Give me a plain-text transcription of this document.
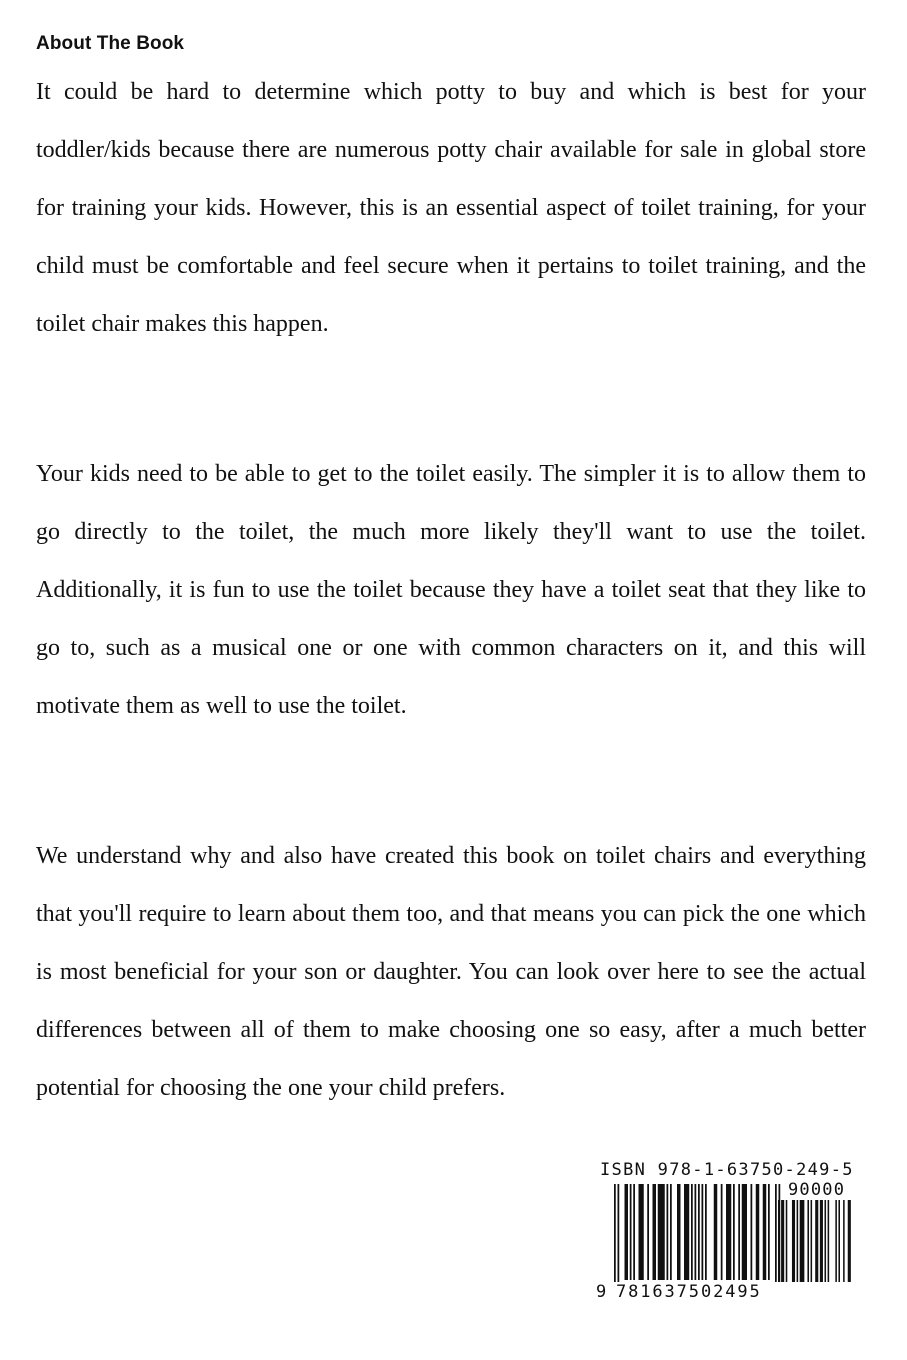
About The Book

It could be hard to determine which potty to buy and which is best for your toddler/kids because there are numerous potty chair available for sale in global store for training your kids. However, this is an essential aspect of toilet training, for your child must be comfortable and feel secure when it pertains to toilet training, and the toilet chair makes this happen.

Your kids need to be able to get to the toilet easily. The simpler it is to allow them to go directly to the toilet, the much more likely they'll want to use the toilet. Additionally, it is fun to use the toilet because they have a toilet seat that they like to go to, such as a musical one or one with common characters on it, and this will motivate them as well to use the toilet.

We understand why and also have created this book on toilet chairs and everything that you'll require to learn about them too, and that means you can pick the one which is most beneficial for your son or daughter. You can look over here to see the actual differences between all of them to make choosing one so easy, after a much better potential for choosing the one your child prefers.

ISBN 978-1-63750-249-5
90000
9 781637502495
